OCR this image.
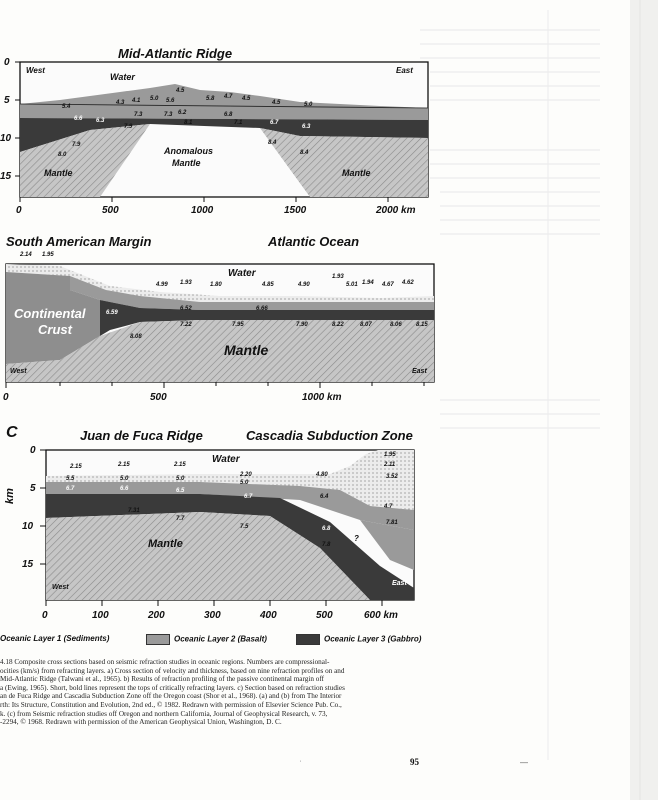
'	—
Mid-Atlantic Ridge
West	East
Water
Anomalous
Mantle
Mantle	Mantle
0
5
10
15
0	500	1000	1500	2000 km
5.4
4.3 4.1 5.0
4.5
5.6	5.8 4.7 4.5
4.5	5.0
6.6 6.3
7.3
7.9
7.3 6.2
8.1
6.8
7.1	6.7
6.3
7.9	8.4
8.0	8.4
South American Margin	Atlantic Ocean
Water
Continental
Crust
Mantle
West	East
0	500	1000 km
2.14 1.95
4.99 1.93	1.80	4.85	4.90
1.93
5.01 1.94 4.67 4.62
6.59
6.52	6.66
8.08
7.22	7.95	7.90	8.22	8.07	8.06 8.15
C	Juan de Fuca Ridge	Cascadia Subduction Zone
Water
Mantle
West
East
km
0
5
10
15
0	100	200	300	400	500	600 km
2.15	2.15	2.15
2.20	4.80
1.95
2.11
3.52
5.5	5.0	5.0
5.0
6.7	6.6	6.5
6.4
6.7
7.31
7.7
7.5
4.7
7.81
6.8
7.8
?
Oceanic Layer 1 (Sediments)	Oceanic Layer 2 (Basalt)	Oceanic Layer 3 (Gabbro)
4.18 Composite cross sections based on seismic refraction studies in oceanic regions. Numbers are compressional-
ocities (km/s) from refracting layers. a) Cross section of velocity and thickness, based on nine refraction profiles on and
Mid-Atlantic Ridge (Talwani et al., 1965). b) Results of refraction profiling of the passive continental margin off
a (Ewing, 1965). Short, bold lines represent the tops of critically refracting layers. c) Section based on refraction studies
an de Fuca Ridge and Cascadia Subduction Zone off the Oregon coast (Shor et al., 1968). (a) and (b) from The Interior
rth: Its Structure, Constitution and Evolution, 2nd ed., © 1982. Redrawn with permission of Elsevier Science Pub. Co.,
k. (c) from Seismic refraction studies off Oregon and northern California, Journal of Geophysical Research, v. 73,
-2294, © 1968. Redrawn with permission of the American Geophysical Union, Washington, D. C.
95
